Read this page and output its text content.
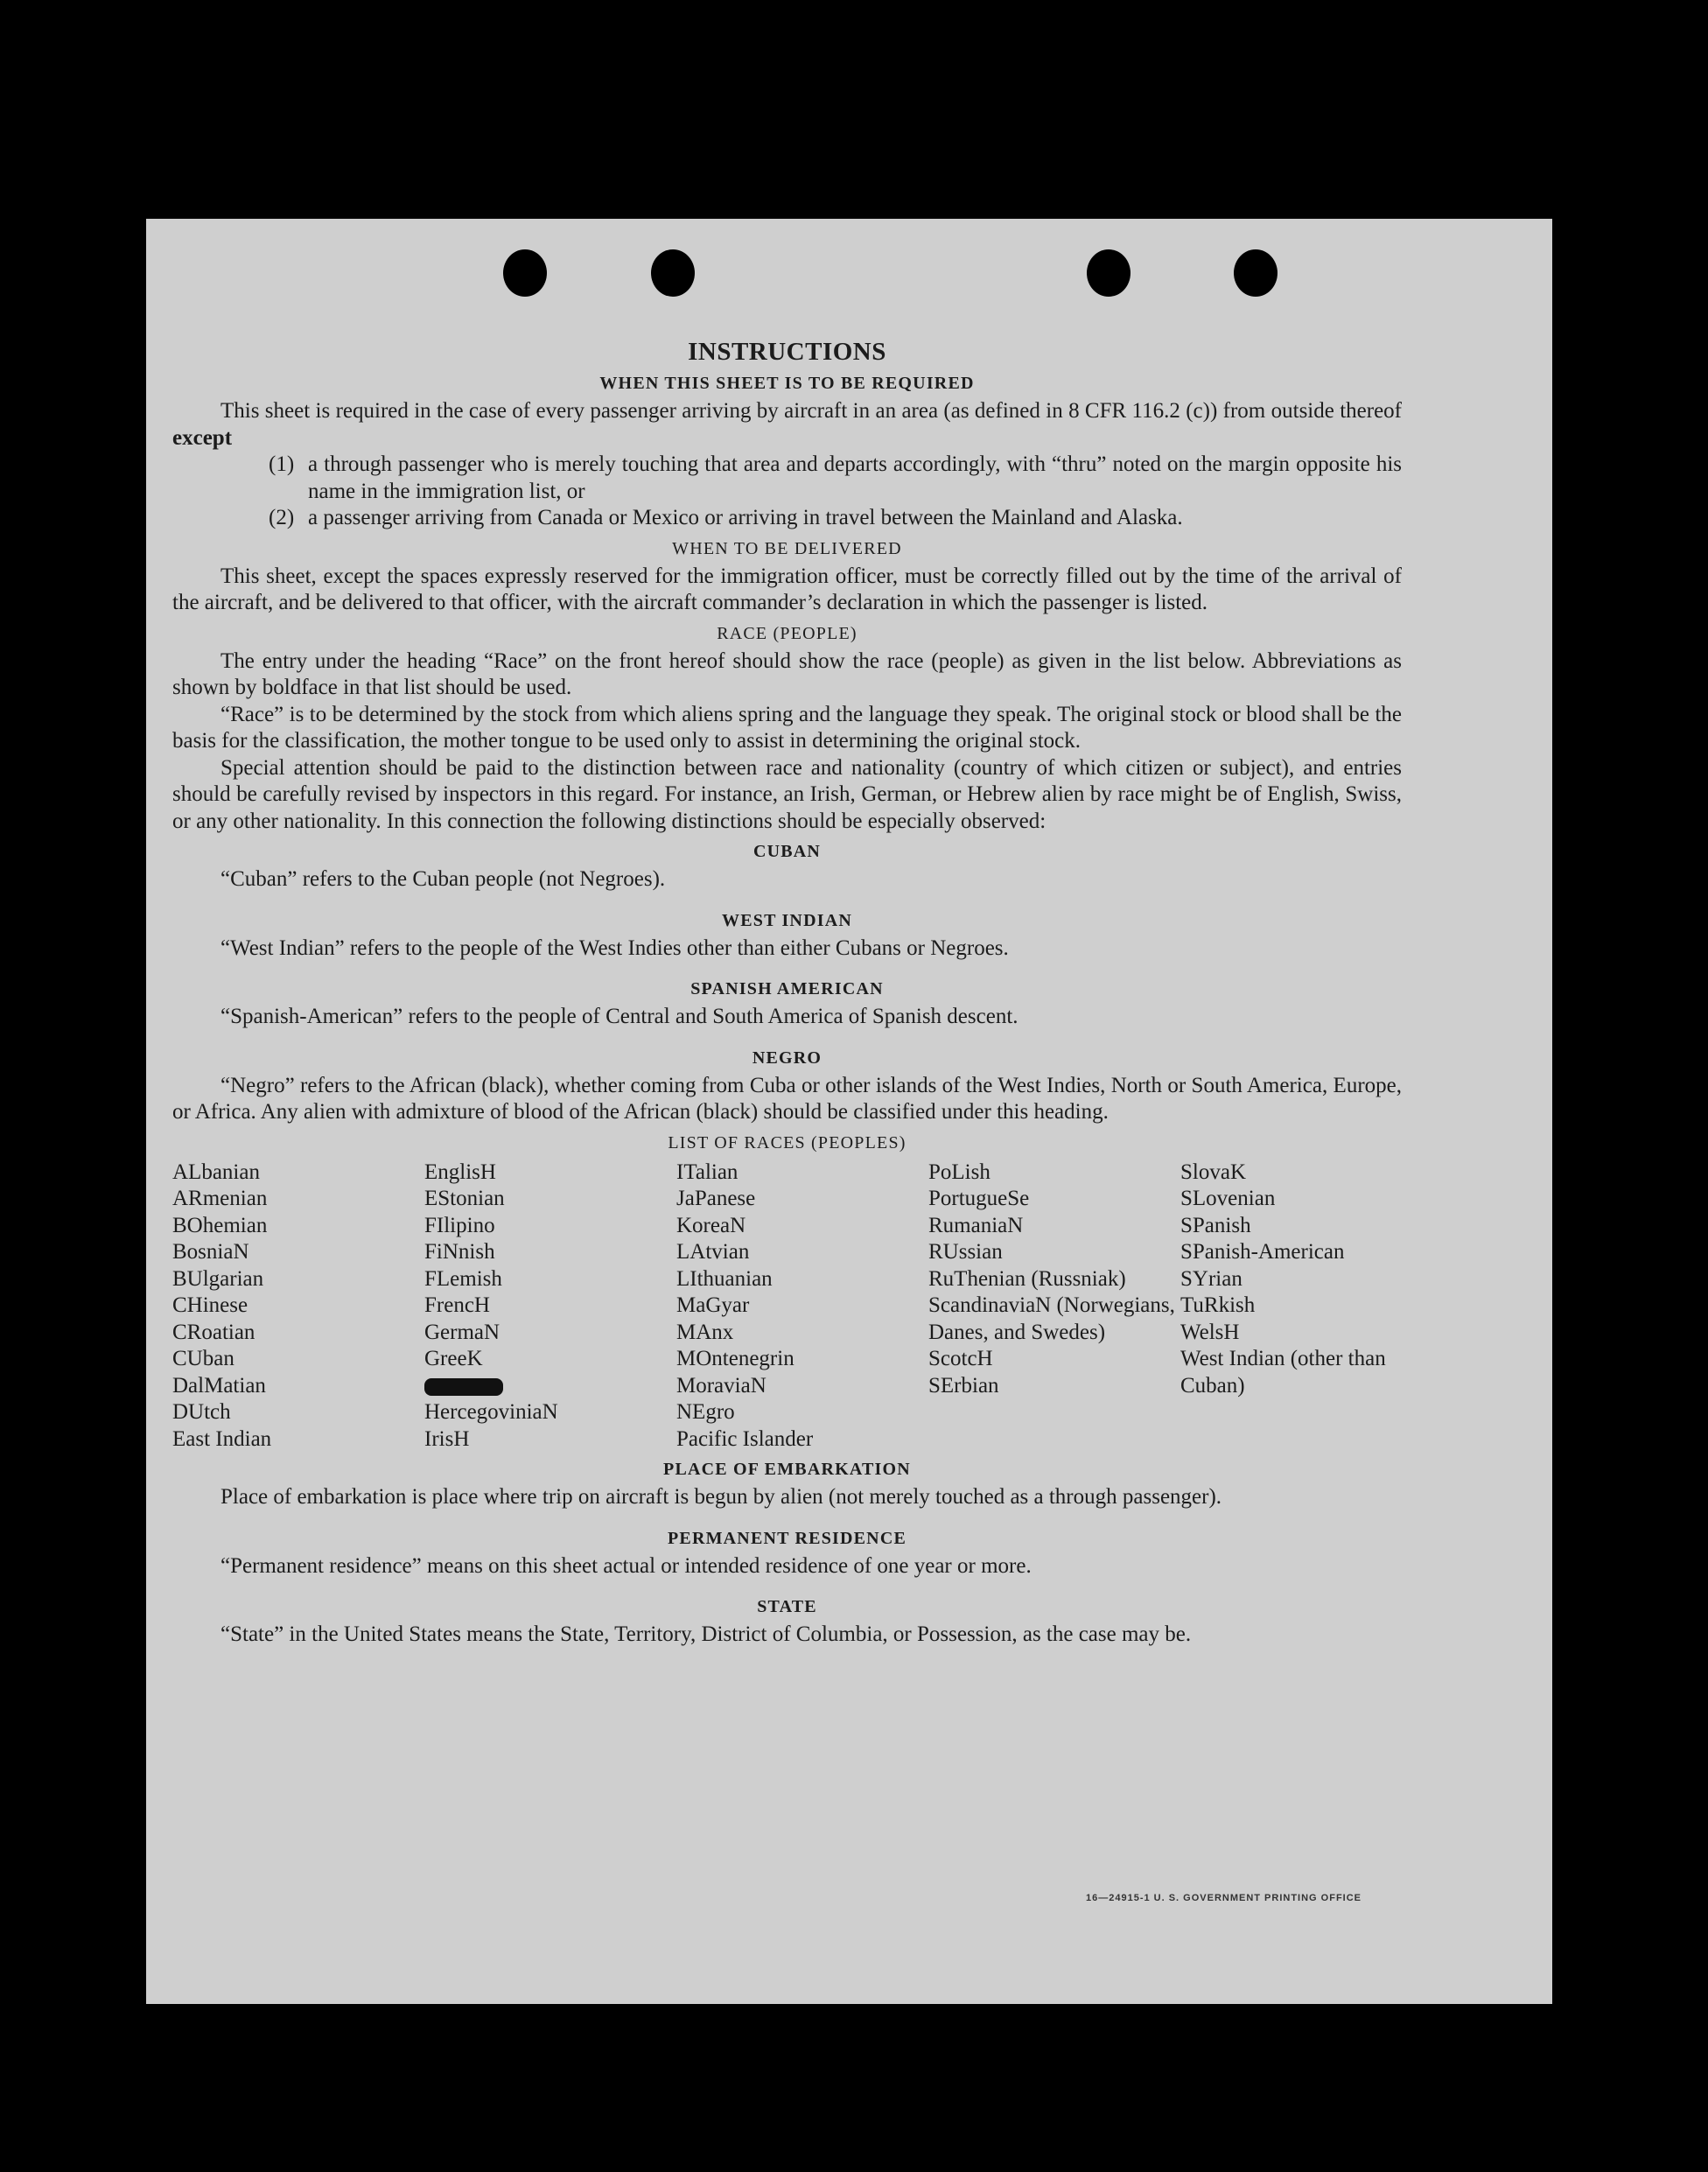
INSTRUCTIONS
WHEN THIS SHEET IS TO BE REQUIRED

This sheet is required in the case of every passenger arriving by aircraft in an area (as defined in 8 CFR 116.2 (c)) from outside thereof except

(1) a through passenger who is merely touching that area and departs accordingly, with “thru” noted on the margin opposite his name in the immigration list, or
(2) a passenger arriving from Canada or Mexico or arriving in travel between the Mainland and Alaska.
WHEN TO BE DELIVERED

This sheet, except the spaces expressly reserved for the immigration officer, must be correctly filled out by the time of the arrival of the aircraft, and be delivered to that officer, with the aircraft commander’s declaration in which the passenger is listed.

RACE (PEOPLE)

The entry under the heading “Race” on the front hereof should show the race (people) as given in the list below. Abbreviations as shown by boldface in that list should be used.

“Race” is to be determined by the stock from which aliens spring and the language they speak. The original stock or blood shall be the basis for the classification, the mother tongue to be used only to assist in determining the original stock.

Special attention should be paid to the distinction between race and nationality (country of which citizen or subject), and entries should be carefully revised by inspectors in this regard. For instance, an Irish, German, or Hebrew alien by race might be of English, Swiss, or any other nationality. In this connection the following distinctions should be especially observed:

CUBAN

“Cuban” refers to the Cuban people (not Negroes).

WEST INDIAN

“West Indian” refers to the people of the West Indies other than either Cubans or Negroes.

SPANISH AMERICAN

“Spanish-American” refers to the people of Central and South America of Spanish descent.

NEGRO

“Negro” refers to the African (black), whether coming from Cuba or other islands of the West Indies, North or South America, Europe, or Africa. Any alien with admixture of blood of the African (black) should be classified under this heading.

LIST OF RACES (PEOPLES)
ALbanian
ARmenian
BOhemian
BosniaN
BUlgarian
CHinese
CRoatian
CUban
DalMatian
DUtch
East Indian
EnglisH
EStonian
FIlipino
FiNnish
FLemish
FrencH
GermaN
GreeK
HercegoviniaN
IrisH
ITalian
JaPanese
KoreaN
LAtvian
LIthuanian
MaGyar
MAnx
MOntenegrin
MoraviaN
NEgro
Pacific Islander
PoLish
PortugueSe
RumaniaN
RUssian
RuThenian (Russniak)
ScandinaviaN (Norwegians, Danes, and Swedes)
ScotcH
SErbian
SlovaK
SLovenian
SPanish
SPanish-American
SYrian
TuRkish
WelsH
West Indian (other than Cuban)
PLACE OF EMBARKATION

Place of embarkation is place where trip on aircraft is begun by alien (not merely touched as a through passenger).

PERMANENT RESIDENCE

“Permanent residence” means on this sheet actual or intended residence of one year or more.

STATE

“State” in the United States means the State, Territory, District of Columbia, or Possession, as the case may be.

16—24915-1 U. S. GOVERNMENT PRINTING OFFICE
